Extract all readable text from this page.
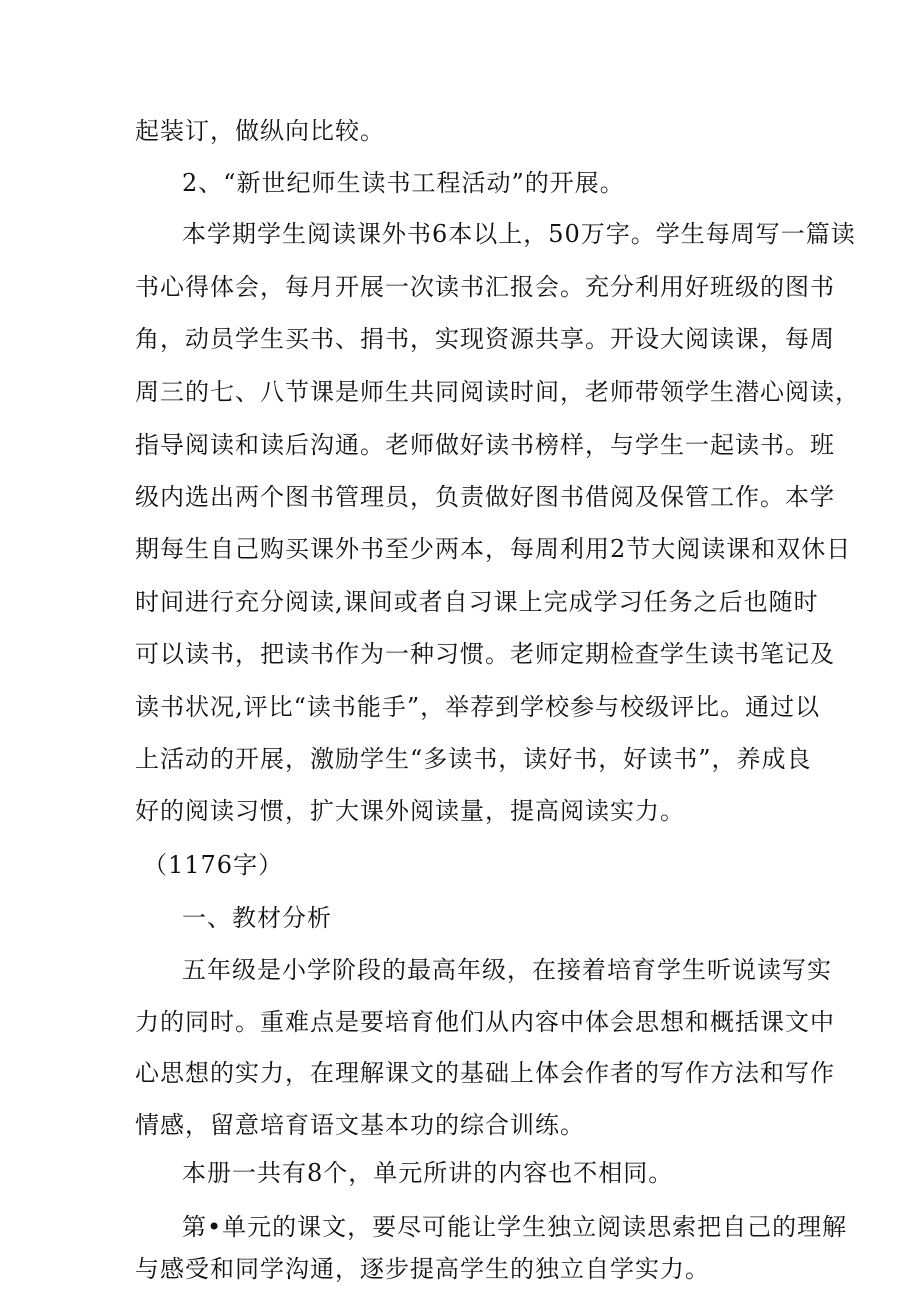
起装订，做纵向比较。
2、“新世纪师生读书工程活动”的开展。
本学期学生阅读课外书6本以上，50万字。学生每周写一篇读
书心得体会，每月开展一次读书汇报会。充分利用好班级的图书
角，动员学生买书、捐书，实现资源共享。开设大阅读课，每周
周三的七、八节课是师生共同阅读时间，老师带领学生潜心阅读，
指导阅读和读后沟通。老师做好读书榜样，与学生一起读书。班
级内选出两个图书管理员，负责做好图书借阅及保管工作。本学
期每生自己购买课外书至少两本，每周利用2节大阅读课和双休日
时间进行充分阅读,课间或者自习课上完成学习任务之后也随时
可以读书，把读书作为一种习惯。老师定期检查学生读书笔记及
读书状况,评比“读书能手”，举荐到学校参与校级评比。通过以
上活动的开展，激励学生“多读书，读好书，好读书”，养成良
好的阅读习惯，扩大课外阅读量，提高阅读实力。
（1176字）
一、教材分析
五年级是小学阶段的最高年级，在接着培育学生听说读写实
力的同时。重难点是要培育他们从内容中体会思想和概括课文中
心思想的实力，在理解课文的基础上体会作者的写作方法和写作
情感，留意培育语文基本功的综合训练。
本册一共有8个，单元所讲的内容也不相同。
第•单元的课文，要尽可能让学生独立阅读思索把自己的理解
与感受和同学沟通，逐步提高学生的独立自学实力。
